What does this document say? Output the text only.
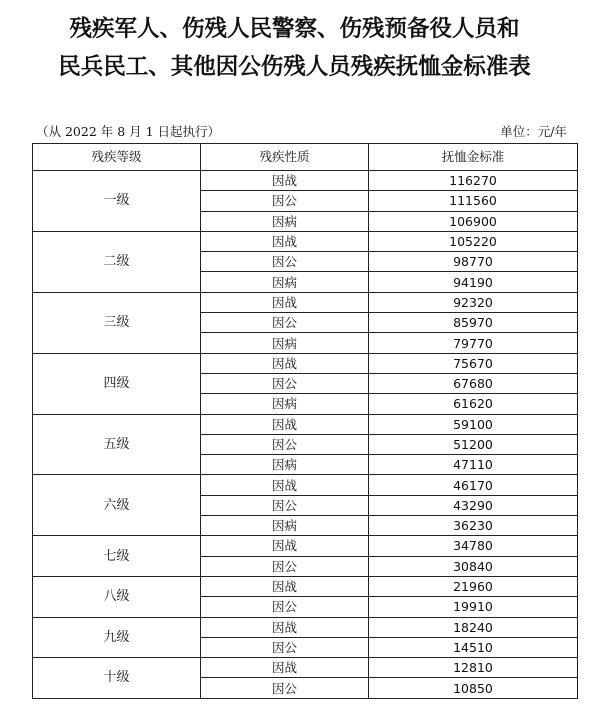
残疾军人、伤残人民警察、伤残预备役人员和
民兵民工、其他因公伤残人员残疾抚恤金标准表
（从 2022 年 8 月 1 日起执行）	单位：元/年
残疾等级	残疾性质	抚恤金标准
一级	因战	116270
	因公	111560
	因病	106900
二级	因战	105220
	因公	98770
	因病	94190
三级	因战	92320
	因公	85970
	因病	79770
四级	因战	75670
	因公	67680
	因病	61620
五级	因战	59100
	因公	51200
	因病	47110
六级	因战	46170
	因公	43290
	因病	36230
七级	因战	34780
	因公	30840
八级	因战	21960
	因公	19910
九级	因战	18240
	因公	14510
十级	因战	12810
	因公	10850
